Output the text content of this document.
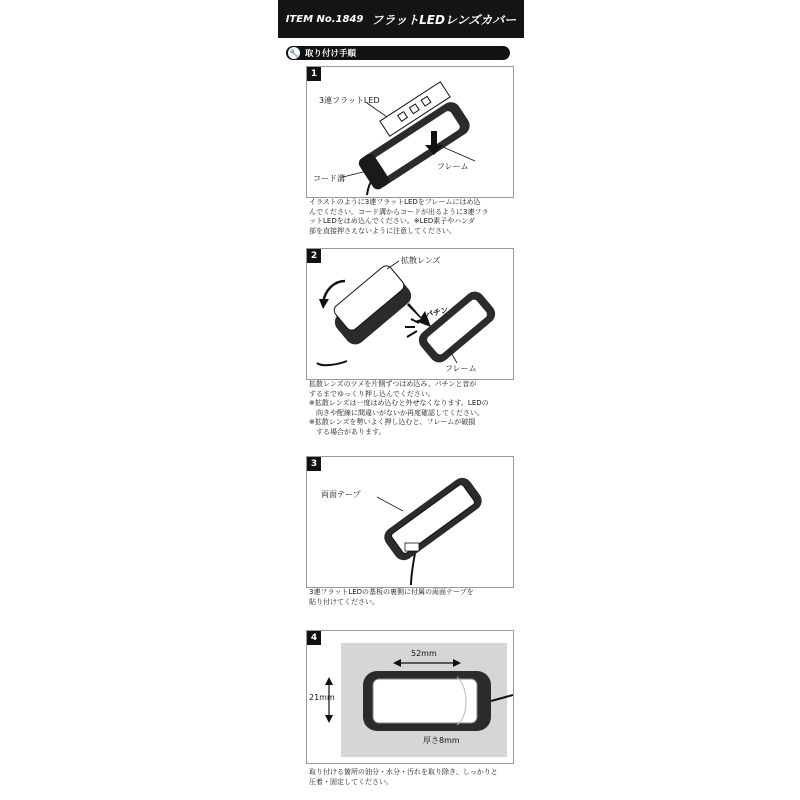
ITEM No.1849 フラットLEDレンズカバー
🔧 取り付け手順
1
3連フラットLED
フレーム
コード溝
イラストのように3連フラットLEDをフレームにはめ込
んでください。コード溝からコードが出るように3連フラ
ットLEDをはめ込んでください。※LED素子やハンダ
部を直接押さえないように注意してください。
2	拡散レンズ
パチン
フレーム
拡散レンズのツメを片側ずつはめ込み、パチンと音が
するまでゆっくり押し込んでください。
※拡散レンズは一度はめ込むと外せなくなります。LEDの
　向きや配線に間違いがないか再度確認してください。
※拡散レンズを勢いよく押し込むと、フレームが破損
　する場合があります。
3
両面テープ
3連フラットLEDの基板の裏側に付属の両面テープを
貼り付けてください。
4
52mm
21mm
厚さ8mm
取り付ける箇所の油分・水分・汚れを取り除き、しっかりと
圧着・固定してください。
